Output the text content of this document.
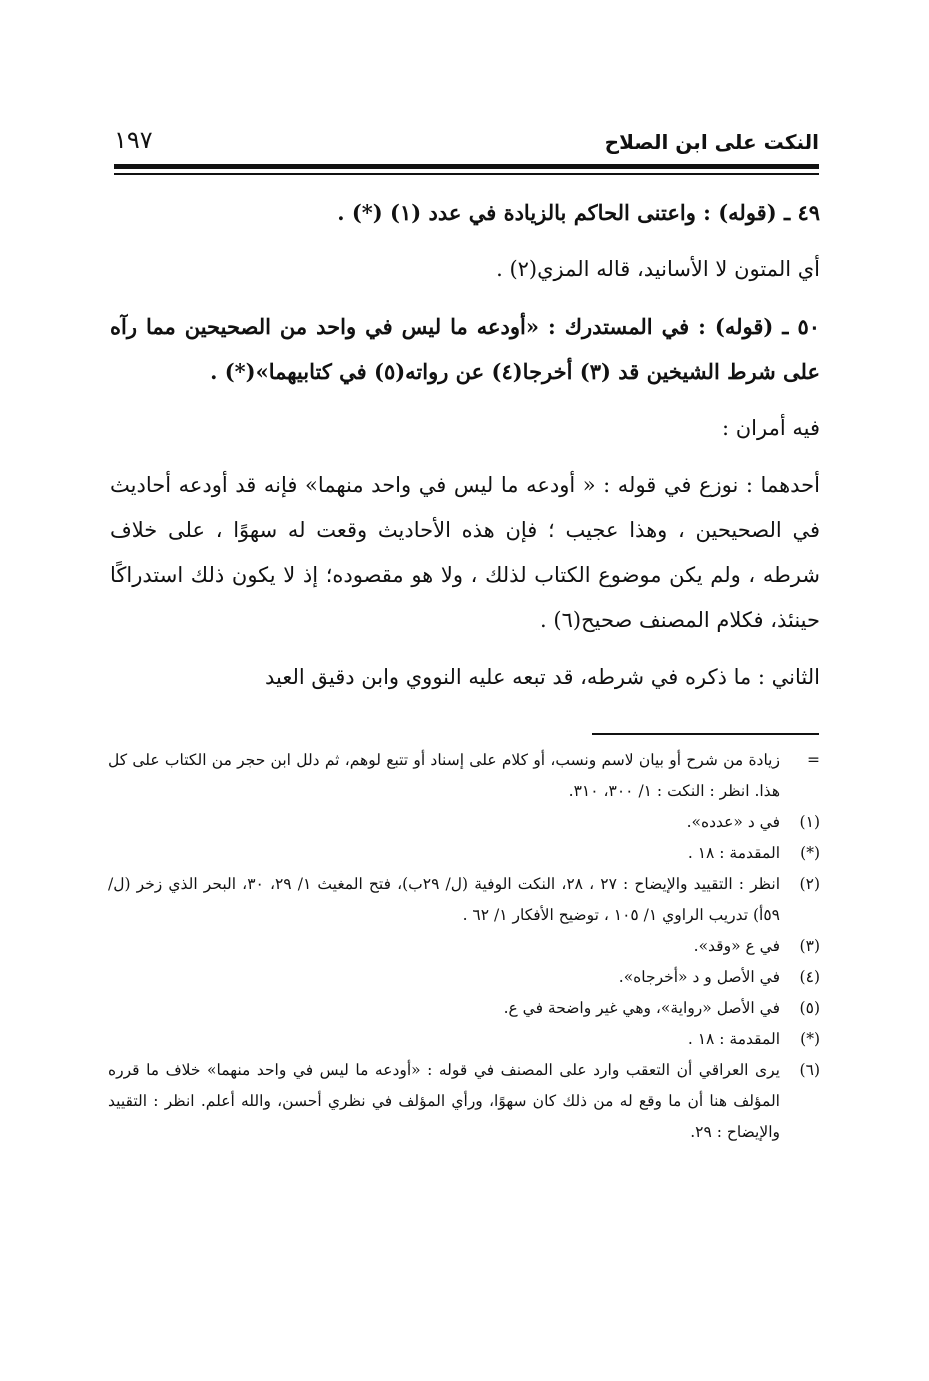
النكت على ابن الصلاح
١٩٧

٤٩ ـ (قوله) : واعتنى الحاكم بالزيادة في عدد (١) (*) .

أي المتون لا الأسانيد، قاله المزي(٢) .

٥٠ ـ (قوله) : في المستدرك : «أودعه ما ليس في واحد من الصحيحين مما رآه على شرط الشيخين قد (٣) أخرجا(٤) عن رواته(٥) في كتابيهما»(*) .

فيه أمران :

أحدهما : نوزع في قوله : « أودعه ما ليس في واحد منهما» فإنه قد أودعه أحاديث في الصحيحين ، وهذا عجيب ؛ فإن هذه الأحاديث وقعت له سهوًا ، على خلاف شرطه ، ولم يكن موضوع الكتاب لذلك ، ولا هو مقصوده؛ إذ لا يكون ذلك استدراكًا حينئذ، فكلام المصنف صحيح(٦) .

الثاني : ما ذكره في شرطه، قد تبعه عليه النووي وابن دقيق العيد

=
زيادة من شرح أو بيان لاسم ونسب، أو كلام على إسناد أو تتبع لوهم، ثم دلل ابن حجر من الكتاب على كل هذا. انظر : النكت : ١/ ٣٠٠، ٣١٠.
(١)
في د «عدده».
(*)
المقدمة : ١٨ .
(٢)
انظر : التقييد والإيضاح : ٢٧ ، ٢٨، النكت الوفية (ل/ ٢٩ب)، فتح المغيث ١/ ٢٩، ٣٠، البحر الذي زخر (ل/ ٥٩أ) تدريب الراوي ١/ ١٠٥ ، توضيح الأفكار ١/ ٦٢ .
(٣)
في ع «وقد».
(٤)
في الأصل و د «أخرجاه».
(٥)
في الأصل «رواية»، وهي غير واضحة في ع.
(*)
المقدمة : ١٨ .
(٦)
يرى العراقي أن التعقب وارد على المصنف في قوله : «أودعه ما ليس في واحد منهما» خلاف ما قرره المؤلف هنا أن ما وقع له من ذلك كان سهوًا، ورأي المؤلف في نظري أحسن، والله أعلم. انظر : التقييد والإيضاح : ٢٩.
